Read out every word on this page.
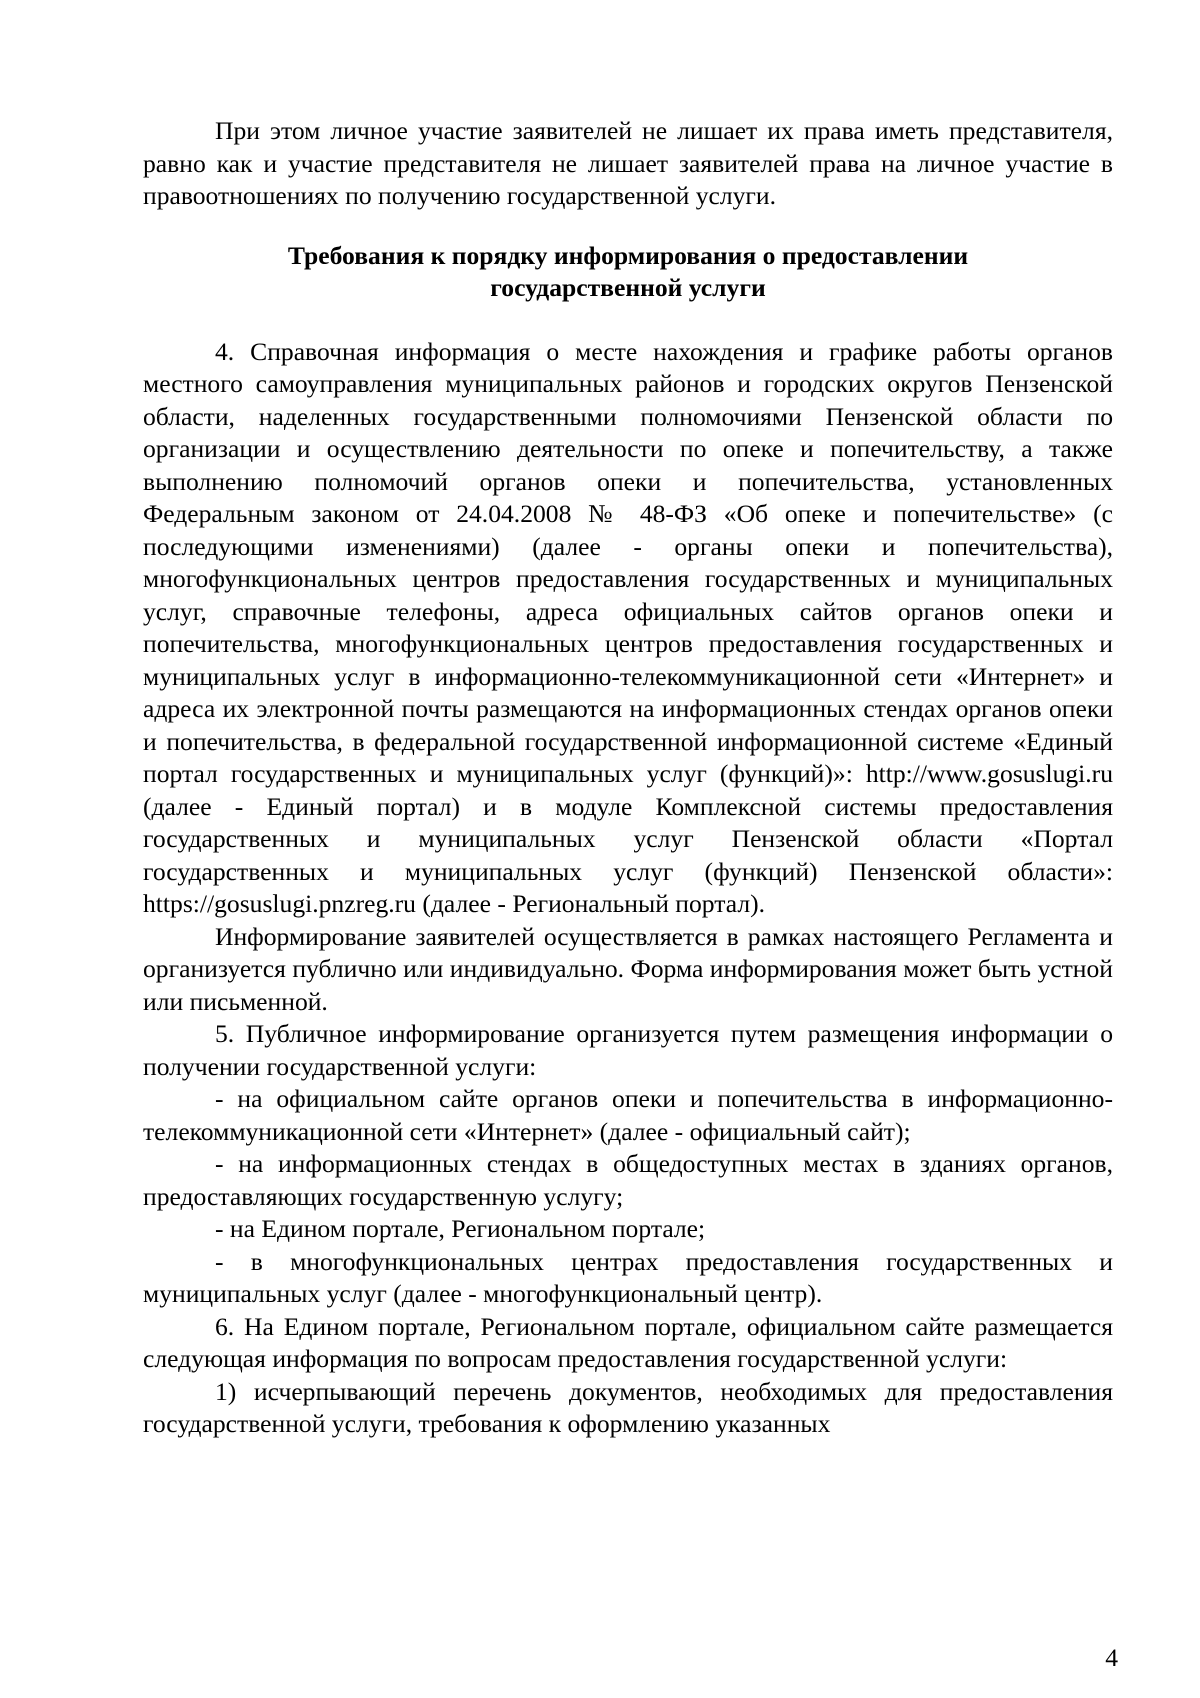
При этом личное участие заявителей не лишает их права иметь представителя, равно как и участие представителя не лишает заявителей права на личное участие в правоотношениях по получению государственной услуги.

Требования к порядку информирования о предоставлении
государственной услуги

4. Справочная информация о месте нахождения и графике работы органов местного самоуправления муниципальных районов и городских округов Пензенской области, наделенных государственными полномочиями Пензенской области по организации и осуществлению деятельности по опеке и попечительству, а также выполнению полномочий органов опеки и попечительства, установленных Федеральным законом от 24.04.2008 № 48-ФЗ «Об опеке и попечительстве» (с последующими изменениями) (далее - органы опеки и попечительства), многофункциональных центров предоставления государственных и муниципальных услуг, справочные телефоны, адреса официальных сайтов органов опеки и попечительства, многофункциональных центров предоставления государственных и муниципальных услуг в информационно-телекоммуникационной сети «Интернет» и адреса их электронной почты размещаются на информационных стендах органов опеки и попечительства, в федеральной государственной информационной системе «Единый портал государственных и муниципальных услуг (функций)»: http://www.gosuslugi.ru (далее - Единый портал) и в модуле Комплексной системы предоставления государственных и муниципальных услуг Пензенской области «Портал государственных и муниципальных услуг (функций) Пензенской области»: https://gosuslugi.pnzreg.ru (далее - Региональный портал).

Информирование заявителей осуществляется в рамках настоящего Регламента и организуется публично или индивидуально. Форма информирования может быть устной или письменной.

5. Публичное информирование организуется путем размещения информации о получении государственной услуги:

- на официальном сайте органов опеки и попечительства в информационно-телекоммуникационной сети «Интернет» (далее - официальный сайт);

- на информационных стендах в общедоступных местах в зданиях органов, предоставляющих государственную услугу;

- на Едином портале, Региональном портале;

- в многофункциональных центрах предоставления государственных и муниципальных услуг (далее - многофункциональный центр).

6. На Едином портале, Региональном портале, официальном сайте размещается следующая информация по вопросам предоставления государственной услуги:

1) исчерпывающий перечень документов, необходимых для предоставления государственной услуги, требования к оформлению указанных

4
